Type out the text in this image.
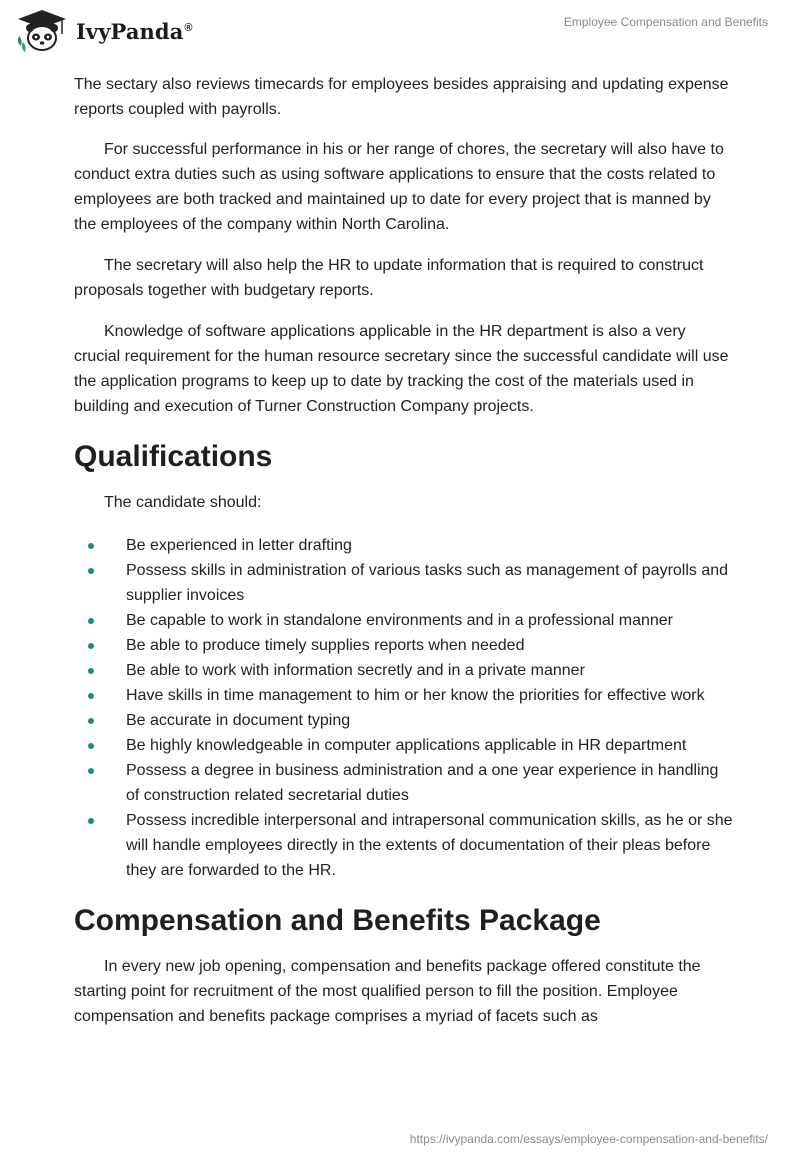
IvyPanda®	Employee Compensation and Benefits

The sectary also reviews timecards for employees besides appraising and updating expense reports coupled with payrolls.

For successful performance in his or her range of chores, the secretary will also have to conduct extra duties such as using software applications to ensure that the costs related to employees are both tracked and maintained up to date for every project that is manned by the employees of the company within North Carolina.

The secretary will also help the HR to update information that is required to construct proposals together with budgetary reports.

Knowledge of software applications applicable in the HR department is also a very crucial requirement for the human resource secretary since the successful candidate will use the application programs to keep up to date by tracking the cost of the materials used in building and execution of Turner Construction Company projects.

Qualifications

The candidate should:

Be experienced in letter drafting
Possess skills in administration of various tasks such as management of payrolls and supplier invoices
Be capable to work in standalone environments and in a professional manner
Be able to produce timely supplies reports when needed
Be able to work with information secretly and in a private manner
Have skills in time management to him or her know the priorities for effective work
Be accurate in document typing
Be highly knowledgeable in computer applications applicable in HR department
Possess a degree in business administration and a one year experience in handling of construction related secretarial duties
Possess incredible interpersonal and intrapersonal communication skills, as he or she will handle employees directly in the extents of documentation of their pleas before they are forwarded to the HR.
Compensation and Benefits Package

In every new job opening, compensation and benefits package offered constitute the starting point for recruitment of the most qualified person to fill the position. Employee compensation and benefits package comprises a myriad of facets such as

https://ivypanda.com/essays/employee-compensation-and-benefits/
